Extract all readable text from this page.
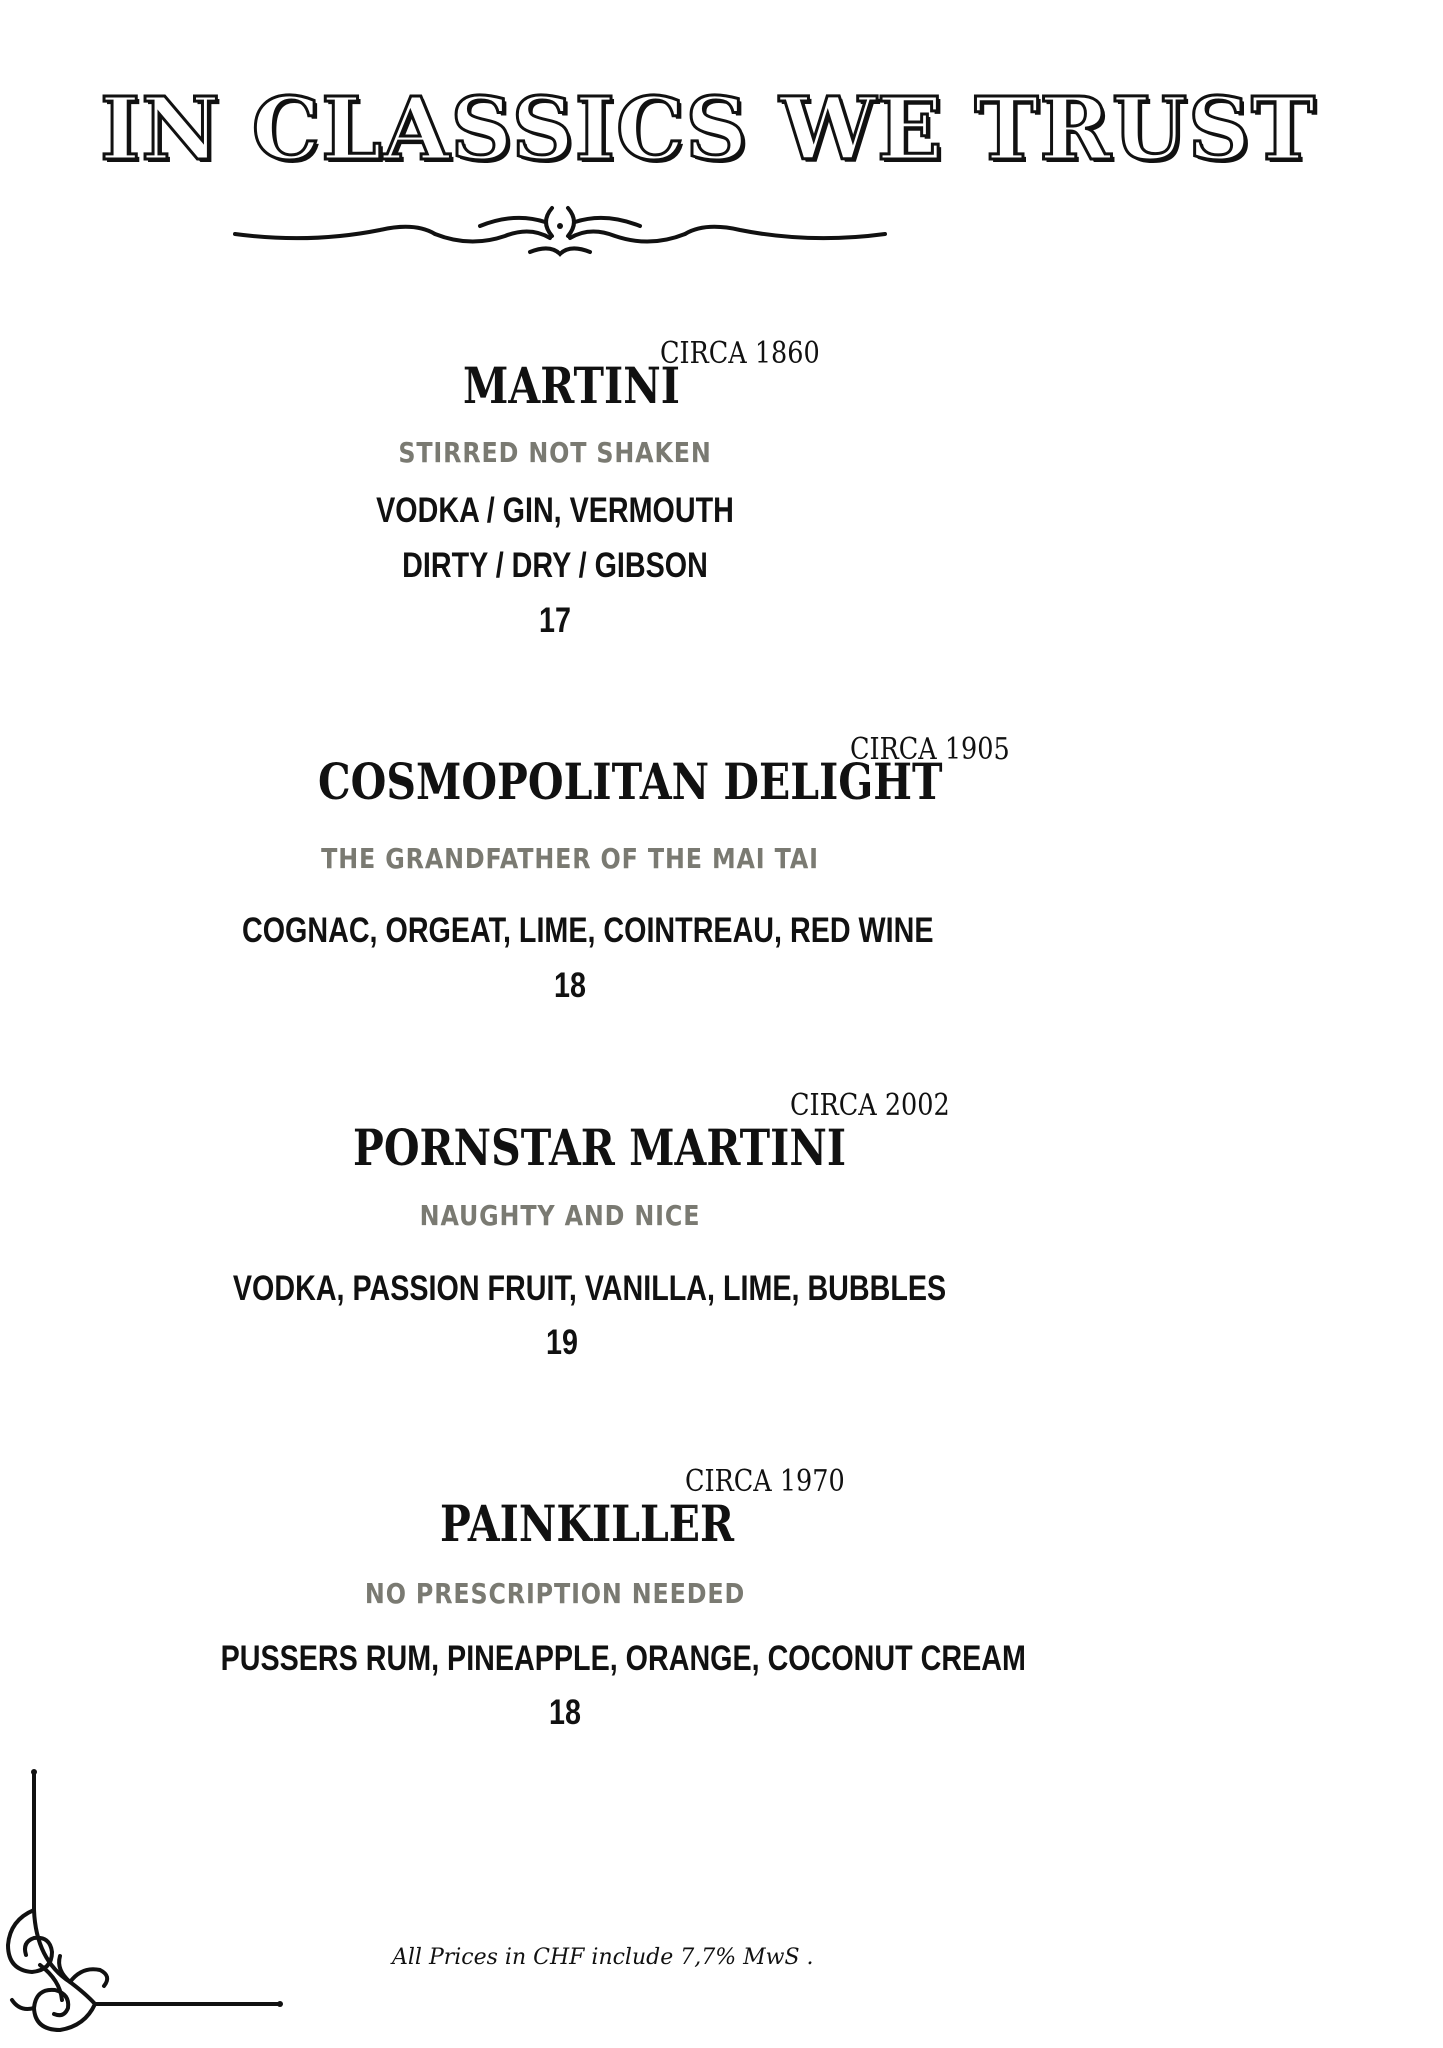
IN CLASSICS WE TRUST
MARTINI
CIRCA 1860
STIRRED NOT SHAKEN
VODKA / GIN, VERMOUTH
DIRTY / DRY / GIBSON
17
COSMOPOLITAN DELIGHT
CIRCA 1905
THE GRANDFATHER OF THE MAI TAI
COGNAC, ORGEAT, LIME, COINTREAU, RED WINE
18
PORNSTAR MARTINI
CIRCA 2002
NAUGHTY AND NICE
VODKA, PASSION FRUIT, VANILLA, LIME, BUBBLES
19
PAINKILLER
CIRCA 1970
NO PRESCRIPTION NEEDED
PUSSERS RUM, PINEAPPLE, ORANGE, COCONUT CREAM
18
All Prices in CHF include 7,7% MwS .
